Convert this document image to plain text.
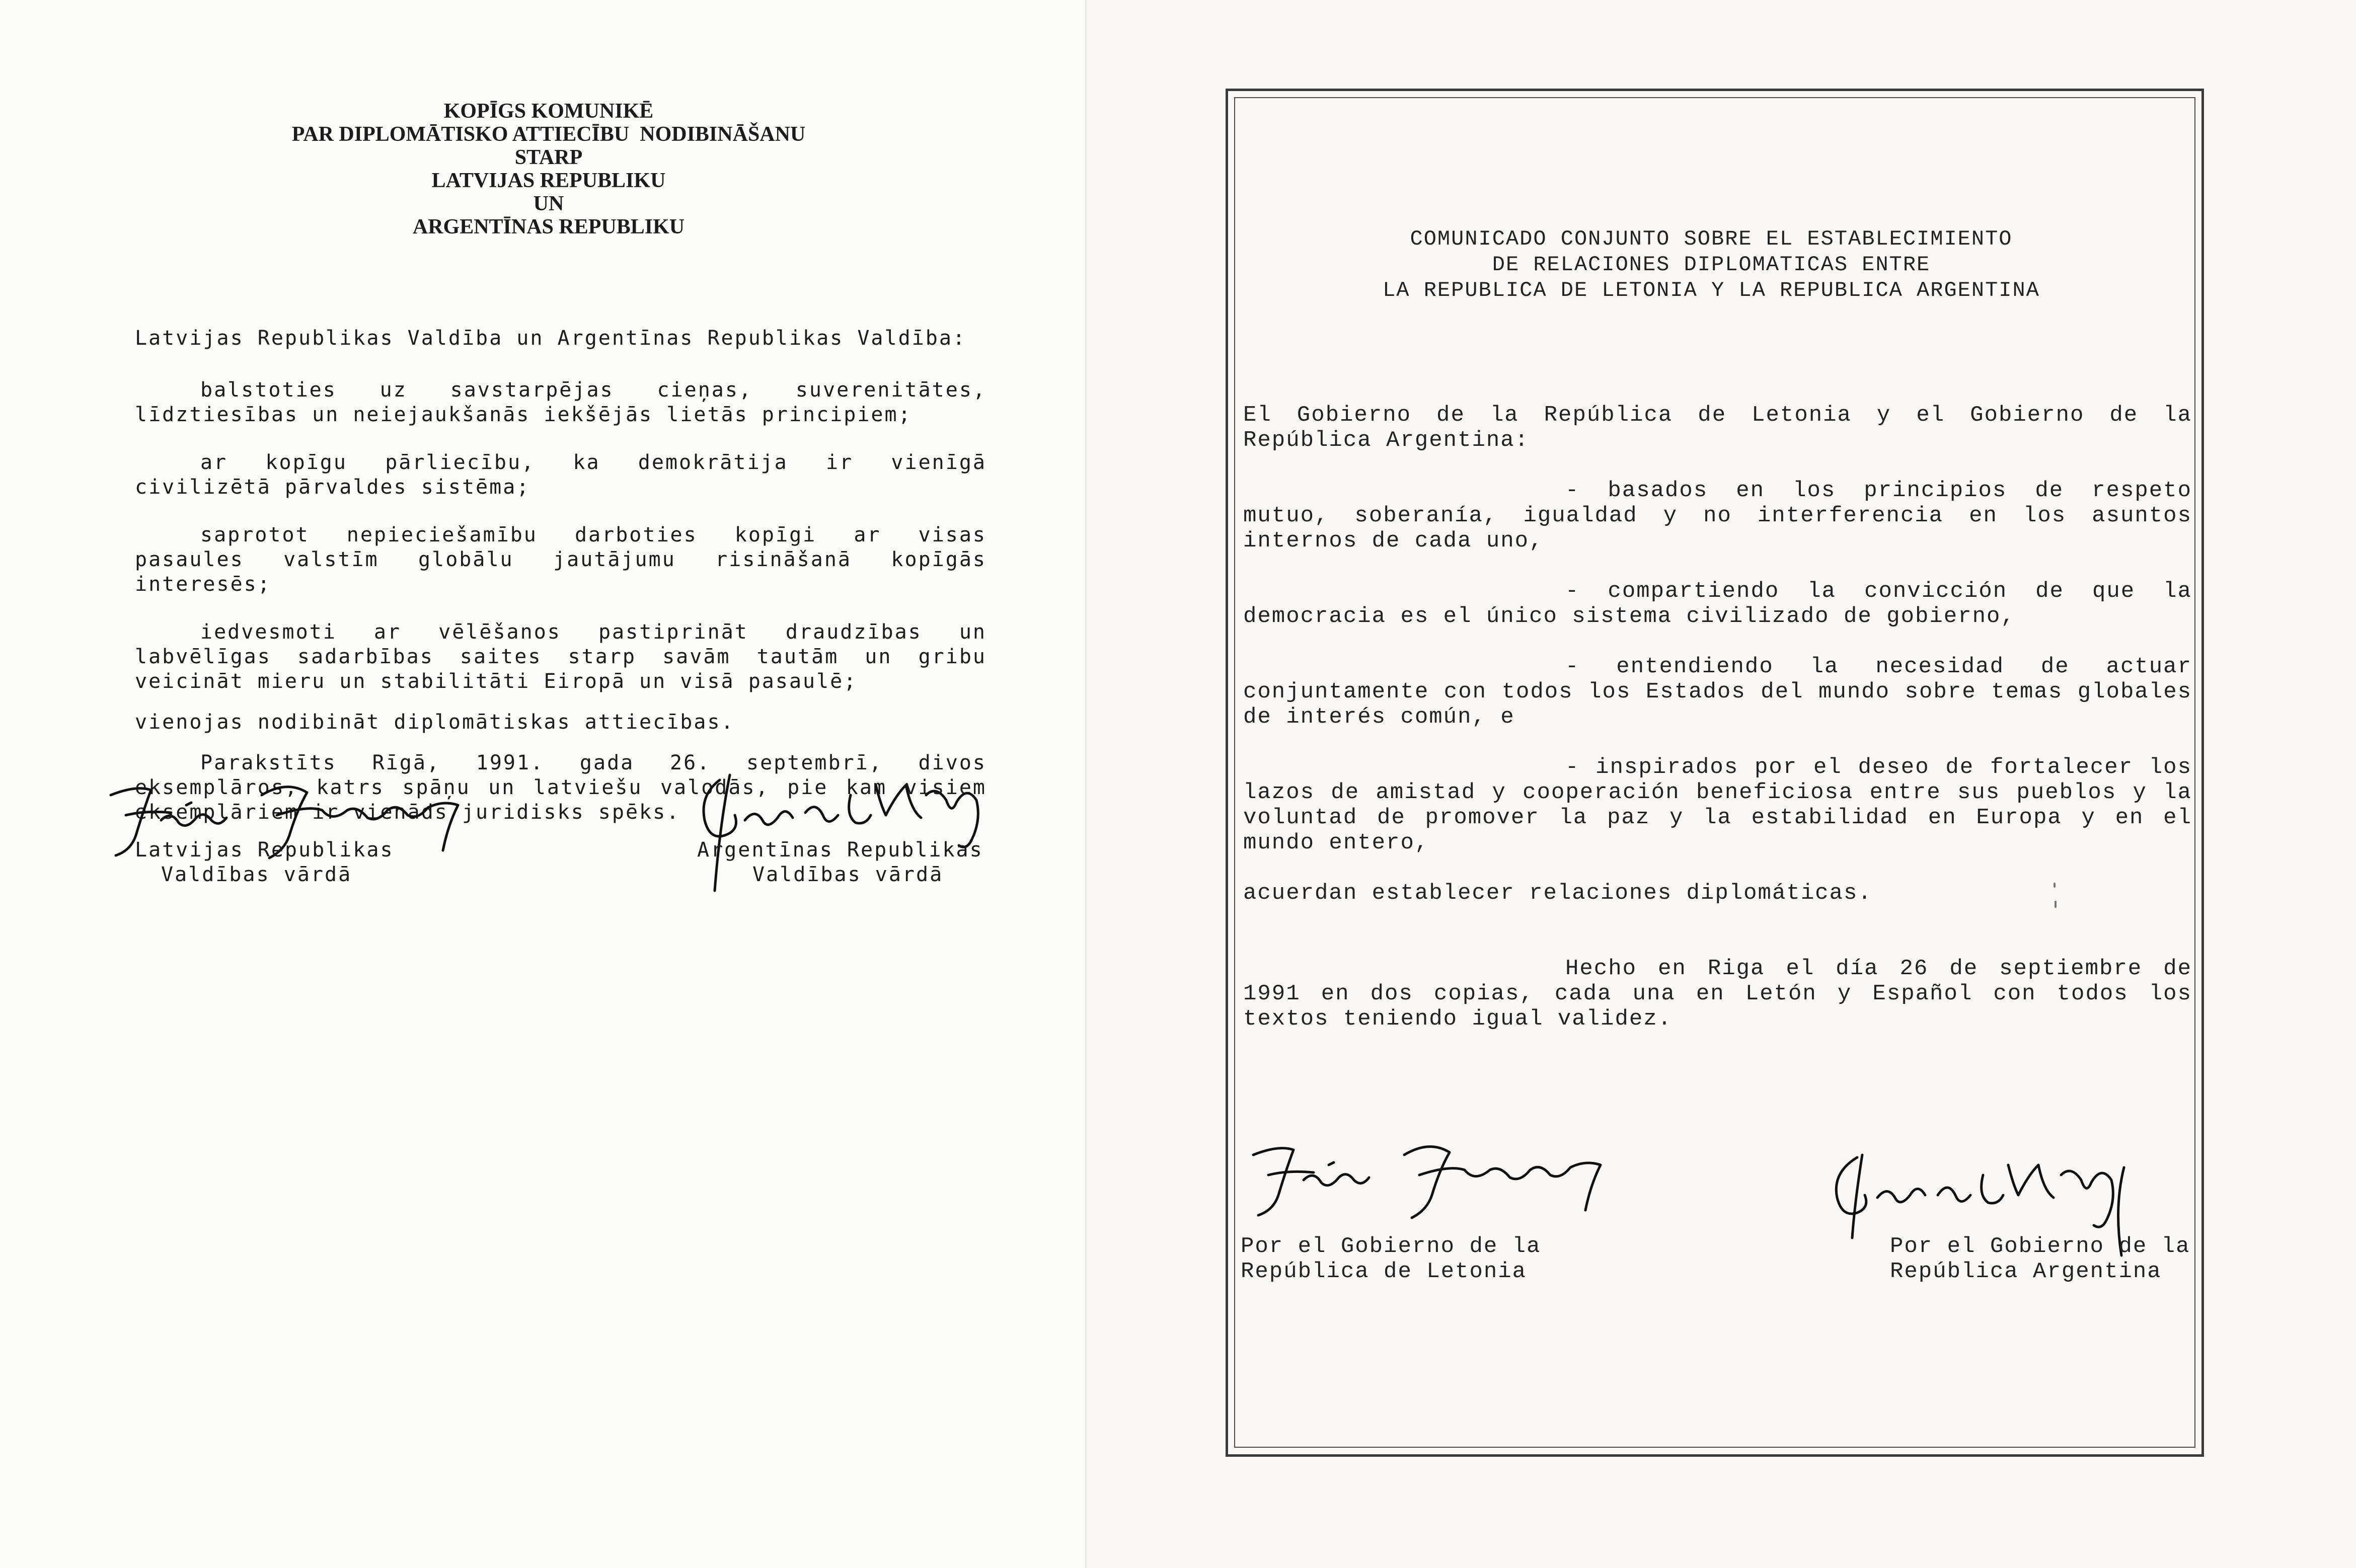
KOPĪGS KOMUNIKĒ

PAR DIPLOMĀTISKO ATTIECĪBU  NODIBINĀŠANU

STARP

LATVIJAS REPUBLIKU

UN

ARGENTĪNAS REPUBLIKU

Latvijas Republikas Valdība un Argentīnas Republikas Valdība:

balstoties uz savstarpējas cieņas, suverenitātes, līdztiesības un neiejaukšanās iekšējās lietās principiem;

ar kopīgu pārliecību, ka demokrātija ir vienīgā civilizētā pārvaldes sistēma;

saprotot nepieciešamību darboties kopīgi ar visas pasaules valstīm globālu jautājumu risināšanā kopīgās interesēs;

iedvesmoti ar vēlēšanos pastiprināt draudzības un labvēlīgas sadarbības saites starp savām tautām un gribu veicināt mieru un stabilitāti Eiropā un visā pasaulē;

vienojas nodibināt diplomātiskas attiecības.

Parakstīts Rīgā, 1991. gada 26. septembrī, divos eksemplāros, katrs spāņu un latviešu valodās, pie kam visiem eksemplāriem ir vienāds juridisks spēks.

Latvijas Republikas
Valdības vārdā
Argentīnas Republikas
Valdības vārdā

COMUNICADO CONJUNTO SOBRE EL ESTABLECIMIENTO

DE RELACIONES DIPLOMATICAS ENTRE

LA REPUBLICA DE LETONIA Y LA REPUBLICA ARGENTINA

El Gobierno de la República de Letonia y el Gobierno de la República Argentina:

- basados en los principios de respeto mutuo, soberanía, igualdad y no interferencia en los asuntos internos de cada uno,

- compartiendo la convicción de que la democracia es el único sistema civilizado de gobierno,

- entendiendo la necesidad de actuar conjuntamente con todos los Estados del mundo sobre temas globales de interés común, e

- inspirados por el deseo de fortalecer los lazos de amistad y cooperación beneficiosa entre sus pueblos y la voluntad de promover la paz y la estabilidad en Europa y en el mundo entero,

acuerdan establecer relaciones diplomáticas.

Hecho en Riga el día 26 de septiembre de 1991 en dos copias, cada una en Letón y Español con todos los textos teniendo igual validez.

Por el Gobierno de la
República de Letonia
Por el Gobierno de la
República Argentina
